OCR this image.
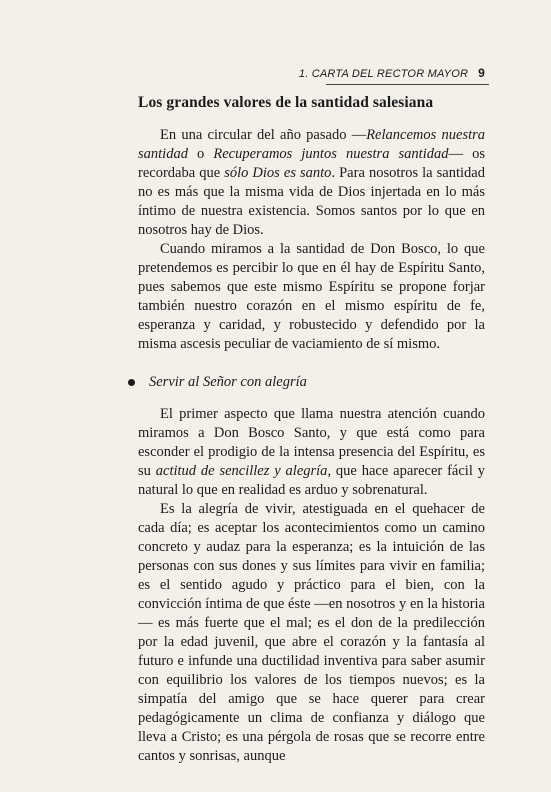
1. CARTA DEL RECTOR MAYOR 9
Los grandes valores de la santidad salesiana

En una circular del año pasado —Relancemos nuestra santidad o Recuperamos juntos nuestra santidad— os recordaba que sólo Dios es santo. Para nosotros la santidad no es más que la misma vida de Dios injertada en lo más íntimo de nuestra existencia. Somos santos por lo que en nosotros hay de Dios.

Cuando miramos a la santidad de Don Bosco, lo que pretendemos es percibir lo que en él hay de Espíritu Santo, pues sabemos que este mismo Espíritu se propone forjar también nuestro corazón en el mismo espíritu de fe, esperanza y caridad, y robustecido y defendido por la misma ascesis peculiar de vaciamiento de sí mismo.

Servir al Señor con alegría

El primer aspecto que llama nuestra atención cuando miramos a Don Bosco Santo, y que está como para esconder el prodigio de la intensa presencia del Espíritu, es su actitud de sencillez y alegría, que hace aparecer fácil y natural lo que en realidad es arduo y sobrenatural.

Es la alegría de vivir, atestiguada en el quehacer de cada día; es aceptar los acontecimientos como un camino concreto y audaz para la esperanza; es la intuición de las personas con sus dones y sus límites para vivir en familia; es el sentido agudo y práctico para el bien, con la convicción íntima de que éste —en nosotros y en la historia— es más fuerte que el mal; es el don de la predilección por la edad juvenil, que abre el corazón y la fantasía al futuro e infunde una ductilidad inventiva para saber asumir con equilibrio los valores de los tiempos nuevos; es la simpatía del amigo que se hace querer para crear pedagógicamente un clima de confianza y diálogo que lleva a Cristo; es una pérgola de rosas que se recorre entre cantos y sonrisas, aunque
